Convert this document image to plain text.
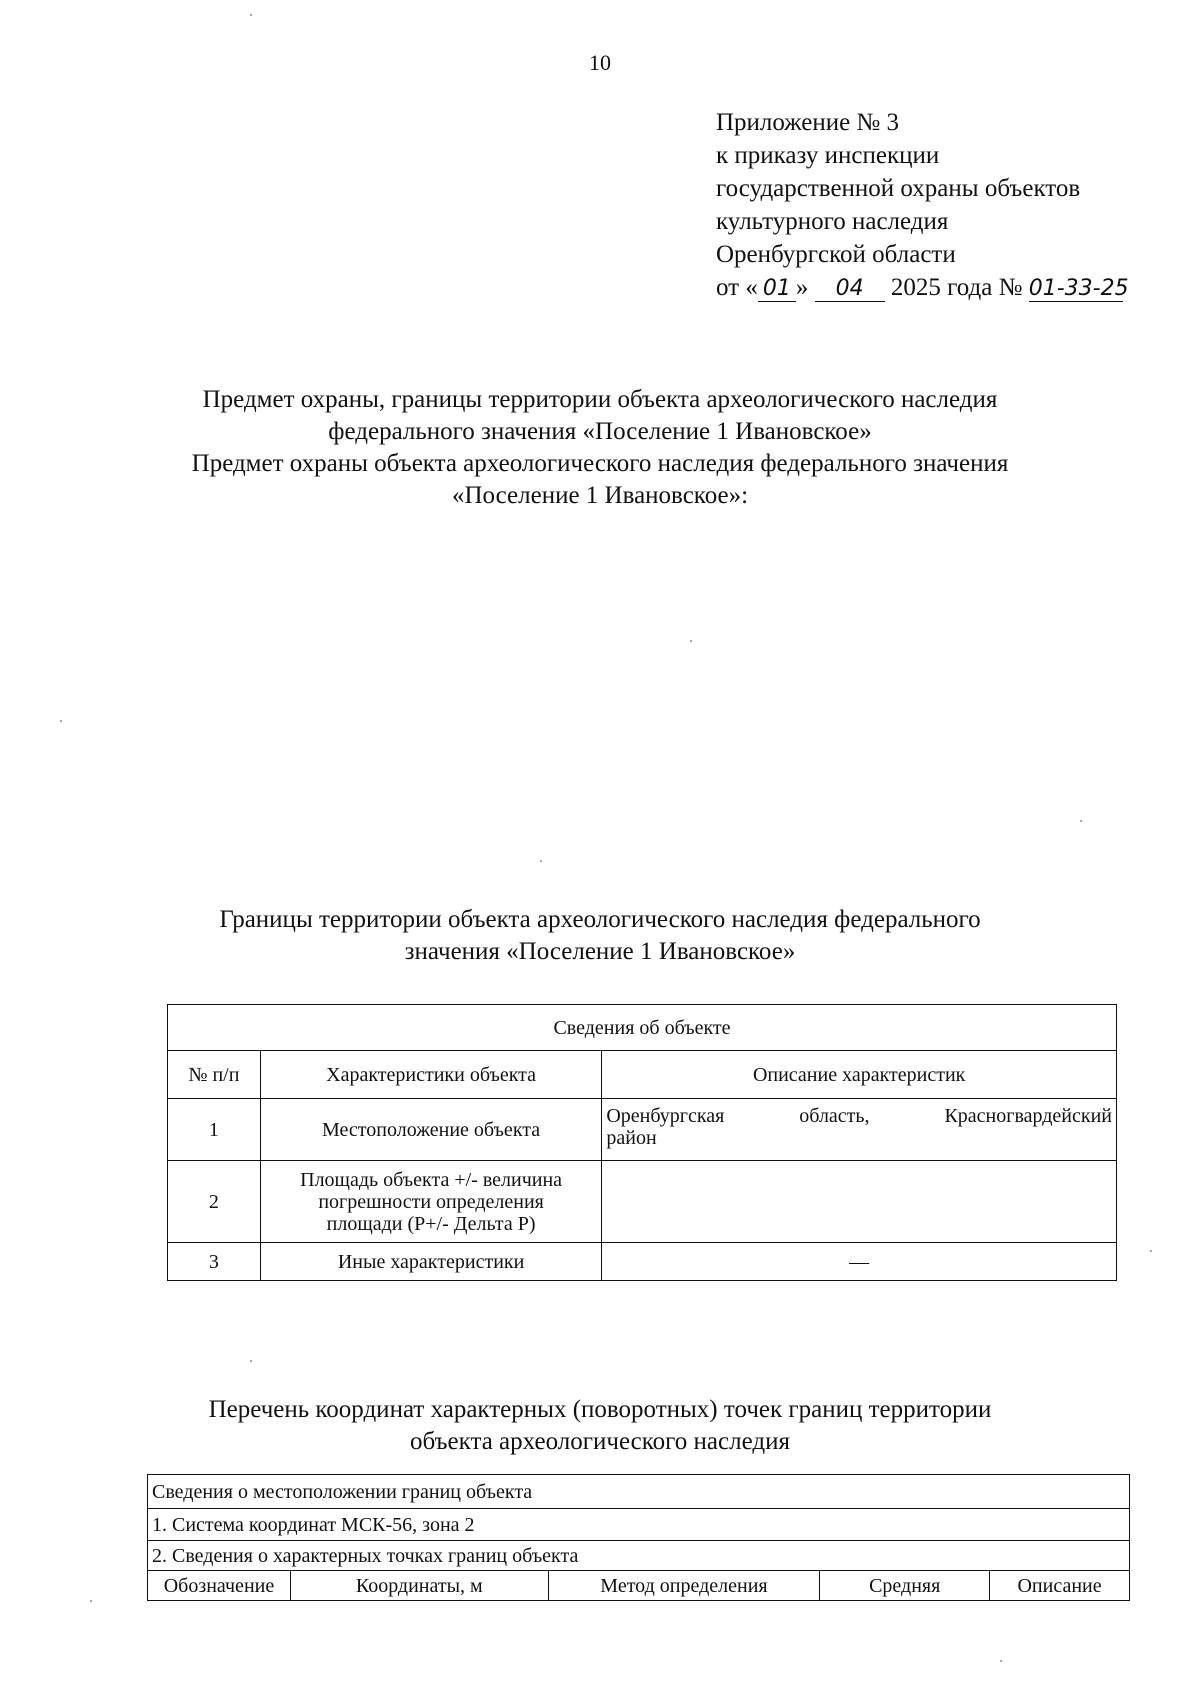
10
Приложение № 3
к приказу инспекции
государственной охраны объектов
культурного наследия
Оренбургской области
от « 01 » 04 2025 года № 01-33-25
Предмет охраны, границы территории объекта археологического наследия
федерального значения «Поселение 1 Ивановское»
Предмет охраны объекта археологического наследия федерального значения
«Поселение 1 Ивановское»:
Границы территории объекта археологического наследия федерального
значения «Поселение 1 Ивановское»
Сведения об объекте		
№ п/п	Характеристики объекта	Описание характеристик
1	Местоположение объекта	Оренбургская область, Красногвардейский
район

2	Площадь объекта +/- величина
погрешности определения
площади (P+/- Дельта P)	

3	Иные характеристики	—
Перечень координат характерных (поворотных) точек границ территории
объекта археологического наследия
Сведения о местоположении границ объекта
1. Система координат МСК-56, зона 2
2. Сведения о характерных точках границ объекта
Обозначение	Координаты, м	Метод определения	Средняя	Описание
